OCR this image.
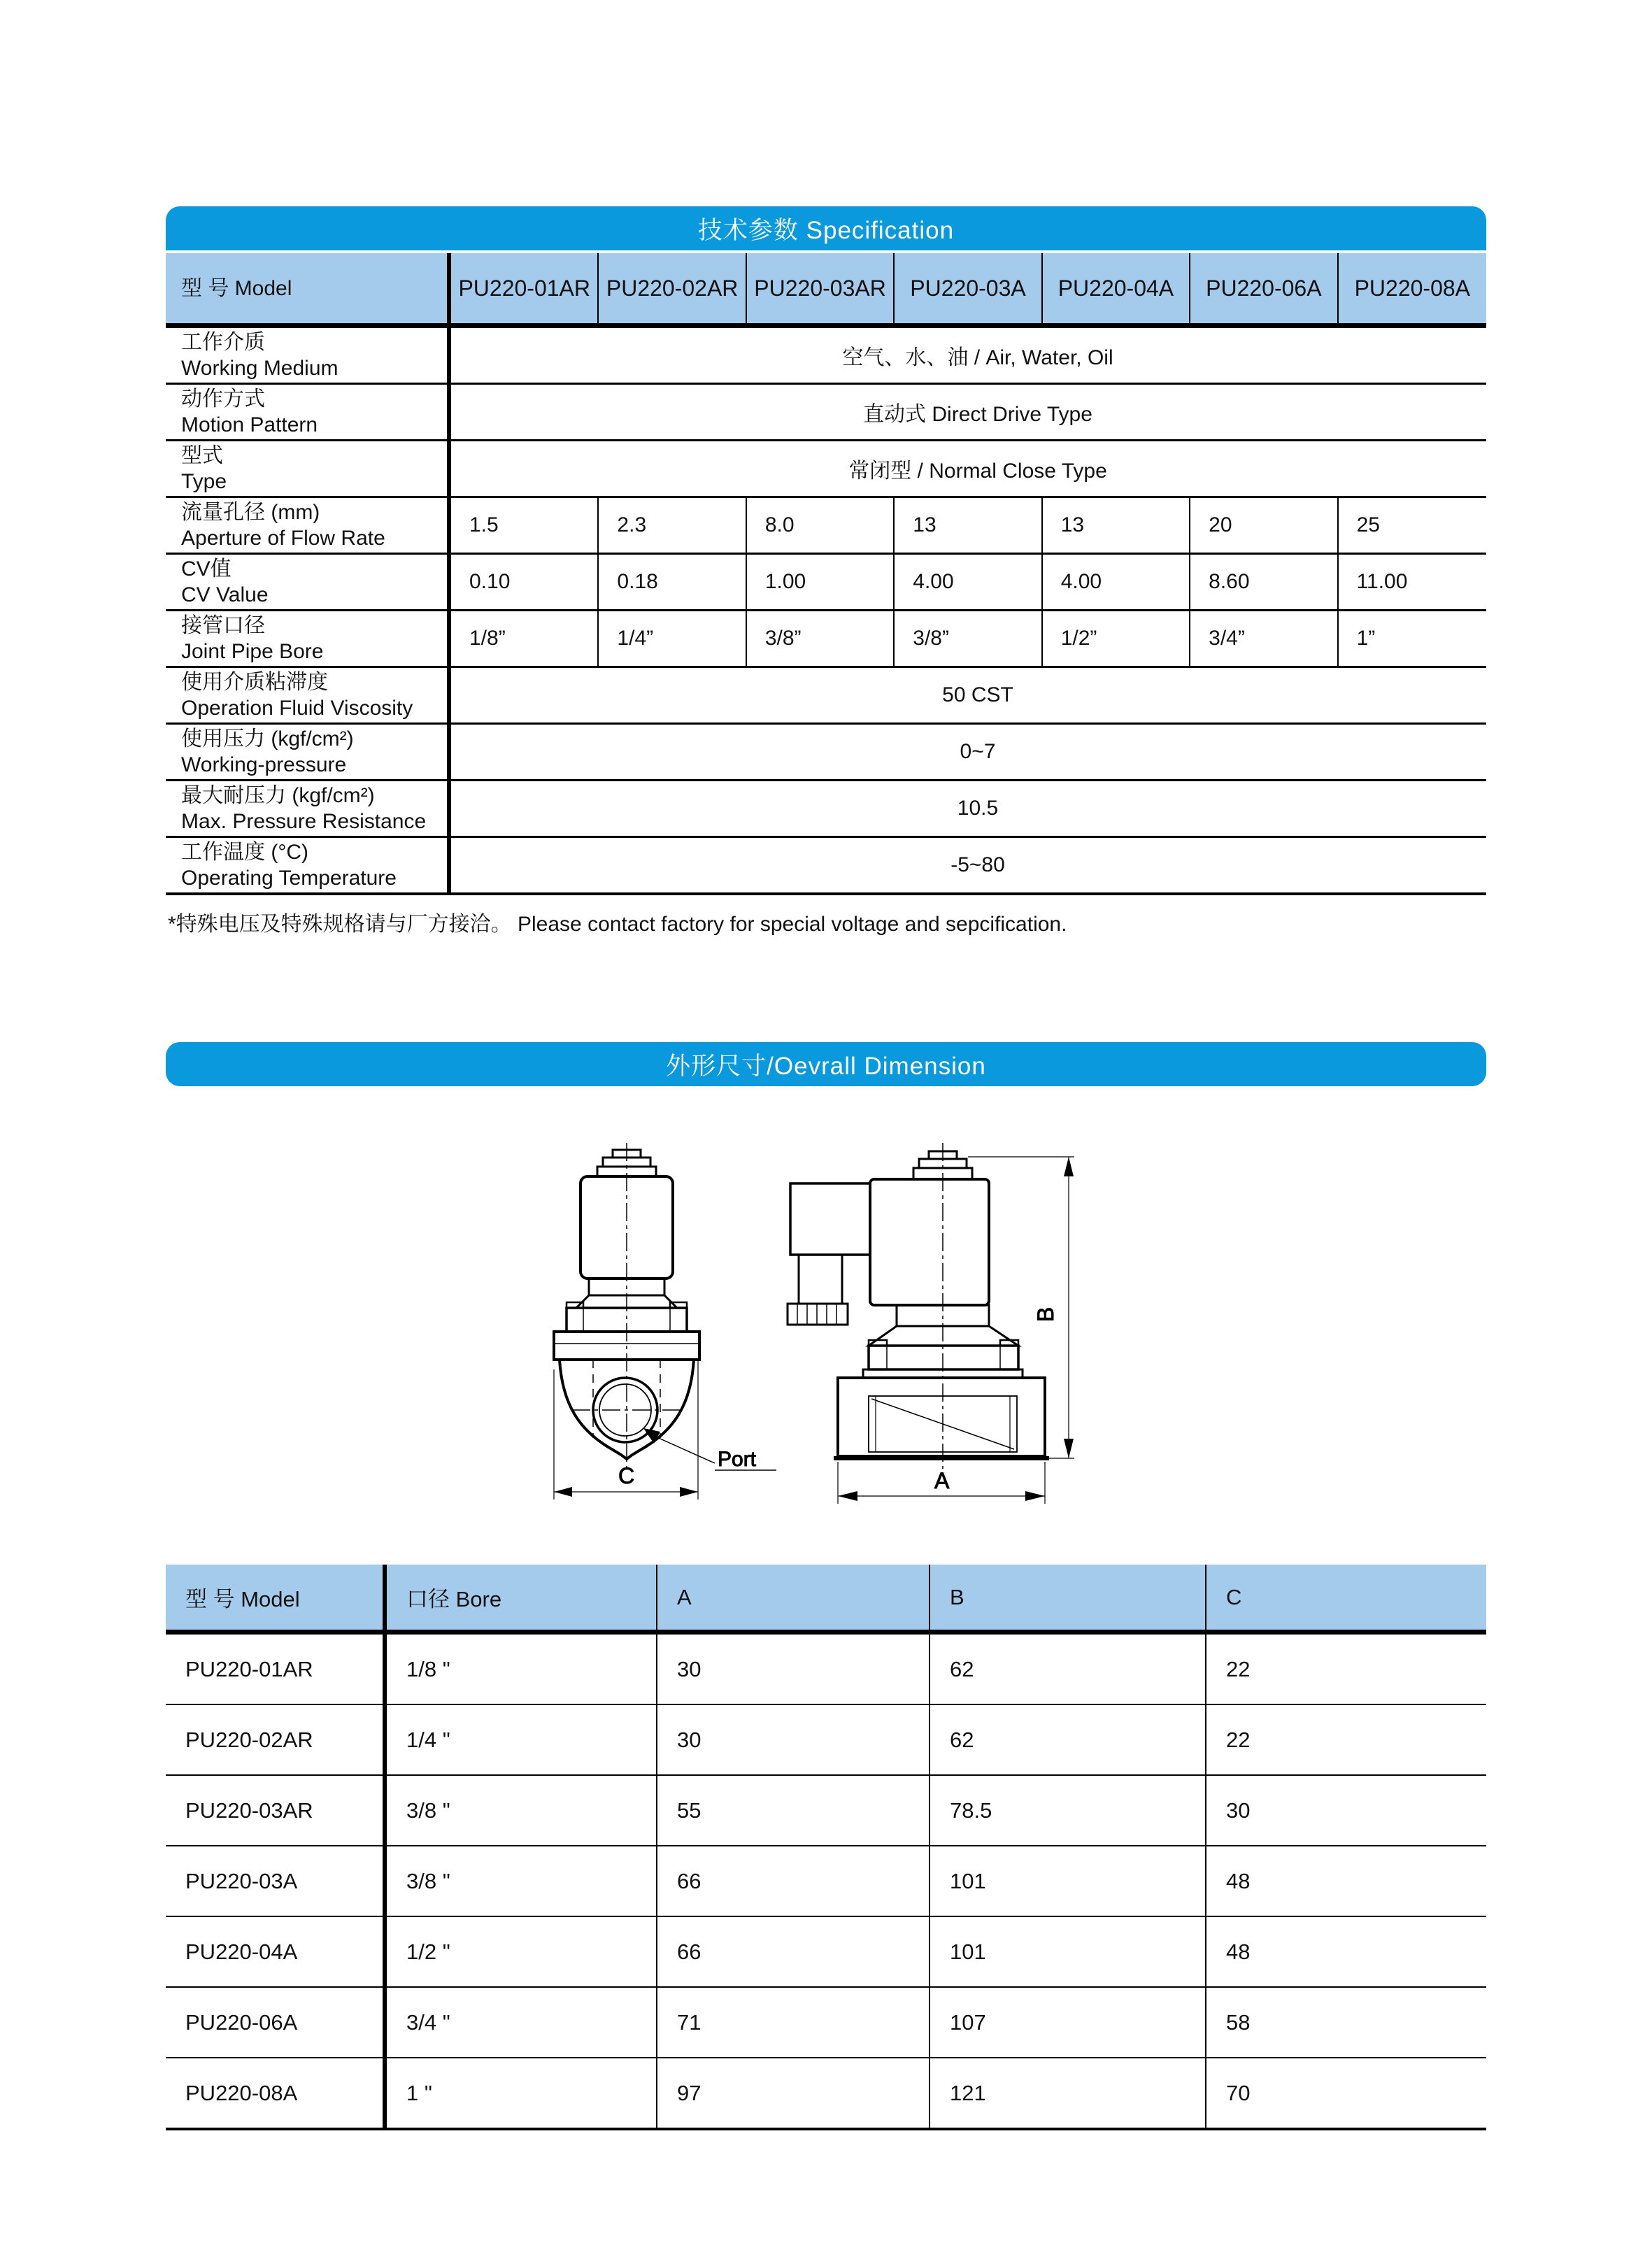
技术参数 Specification
型 号 Model	PU220-01AR PU220-02AR PU220-03AR	PU220-03A	PU220-04A	PU220-06A	PU220-08A
工作介质
Working Medium	空气、水、油 / Air, Water, Oil
动作方式
Motion Pattern	直动式 Direct Drive Type
型式
Type	常闭型 / Normal Close Type
流量孔径 (mm)
Aperture of Flow Rate
1.5	2.3	8.0	13	13	20	25
CV值
CV Value
0.10	0.18	1.00	4.00	4.00	8.60	11.00
接管口径
Joint Pipe Bore
1/8”	1/4”	3/8”	3/8”	1/2”	3/4”	1”
使用介质粘滞度
Operation Fluid Viscosity
50 CST
使用压力 (kgf/cm²)
Working-pressure
0~7
最大耐压力 (kgf/cm²)
Max. Pressure Resistance
10.5
工作温度 (°C)
Operating Temperature
-5~80
*特殊电压及特殊规格请与厂方接洽。 Please contact factory for special voltage and sepcification.
外形尺寸/Oevrall Dimension
Port
C
B
A
型 号 Model	口径 Bore	A	B	C
PU220-01AR	1/8 "	30	62	22
PU220-02AR	1/4 "	30	62	22
PU220-03AR	3/8 "	55	78.5	30
PU220-03A	3/8 "	66	101	48
PU220-04A	1/2 "	66	101	48
PU220-06A	3/4 "	71	107	58
PU220-08A	1 "	97	121	70
